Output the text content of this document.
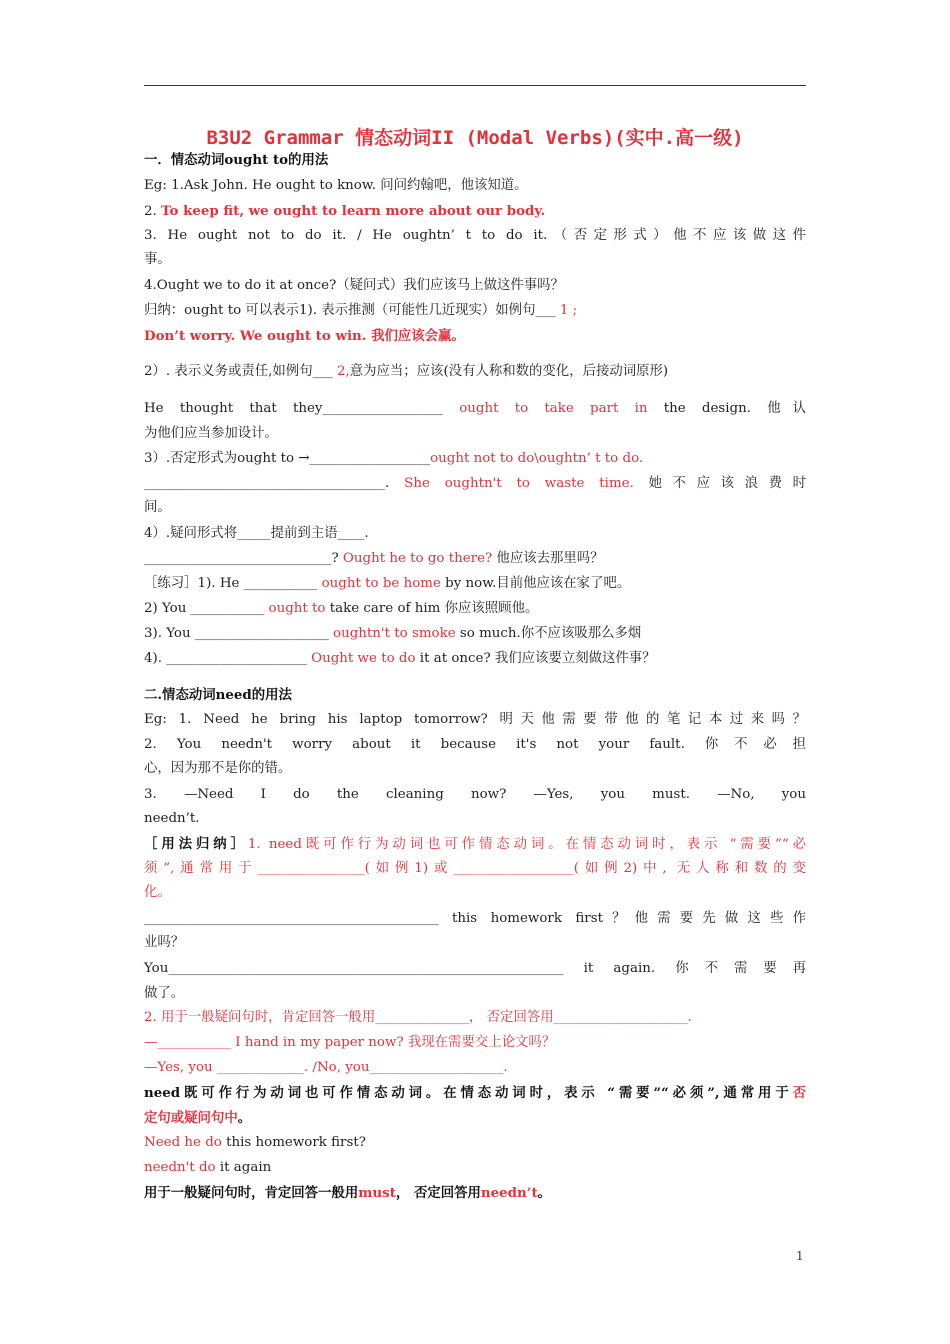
B3U2 Grammar 情态动词II (Modal Verbs)(实中.高一级)
一．情态动词ought to的用法
Eg: 1.Ask John. He ought to know. 问问约翰吧，他该知道。
2. To keep fit, we ought to learn more about our body.
3. He ought not to do it. / He oughtn’ t to do it.（否定形式）他不应该做这件
事。
4.Ought we to do it at once?（疑问式）我们应该马上做这件事吗？
归纳：ought to 可以表示1). 表示推测（可能性几近现实）如例句___ 1 ;
Don’t worry. We ought to win. 我们应该会赢。
2）. 表示义务或责任,如例句___ 2,意为应当；应该(没有人称和数的变化，后接动词原形)
He thought that they__________________ ought to take part in the design. 他认
为他们应当参加设计。
3）.否定形式为ought to →__________________ought not to do\oughtn’ t to do.
____________________________________. She oughtn't to waste time. 她不应该浪费时
间。
4）.疑问形式将_____提前到主语____.
____________________________? Ought he to go there? 他应该去那里吗？
［练习］1). He ___________ ought to be home by now.目前他应该在家了吧。
2) You ___________ ought to take care of him 你应该照顾他。
3). You ____________________ oughtn't to smoke so much.你不应该吸那么多烟
4). _____________________ Ought we to do it at once? 我们应该要立刻做这件事？
二.情态动词need的用法
Eg: 1. Need he bring his laptop tomorrow? 明天他需要带他的笔记本过来吗？
2. You needn't worry about it because it's not your fault. 你不必担
心，因为那不是你的错。
3. —Need I do the cleaning now? —Yes, you must. —No, you
needn’t.
［用法归纳］1. need既可作行为动词也可作情态动词。在情态动词时，表示 “需要”“必
须”,通常用于________________(如例1)或__________________(如例2)中, 无人称和数的变
化。
____________________________________________ this homework first？他需要先做这些作
业吗？
You___________________________________________________________ it again. 你不需要再
做了。
2. 用于一般疑问句时，肯定回答一般用______________， 否定回答用____________________.
—___________ I hand in my paper now? 我现在需要交上论文吗？
—Yes, you _____________. /No, you____________________.
need既可作行为动词也可作情态动词。在情态动词时，表示 “需要”“必须”,通常用于否
定句或疑问句中。
Need he do this homework first?
needn't do it again
用于一般疑问句时，肯定回答一般用must， 否定回答用needn’t。
1
